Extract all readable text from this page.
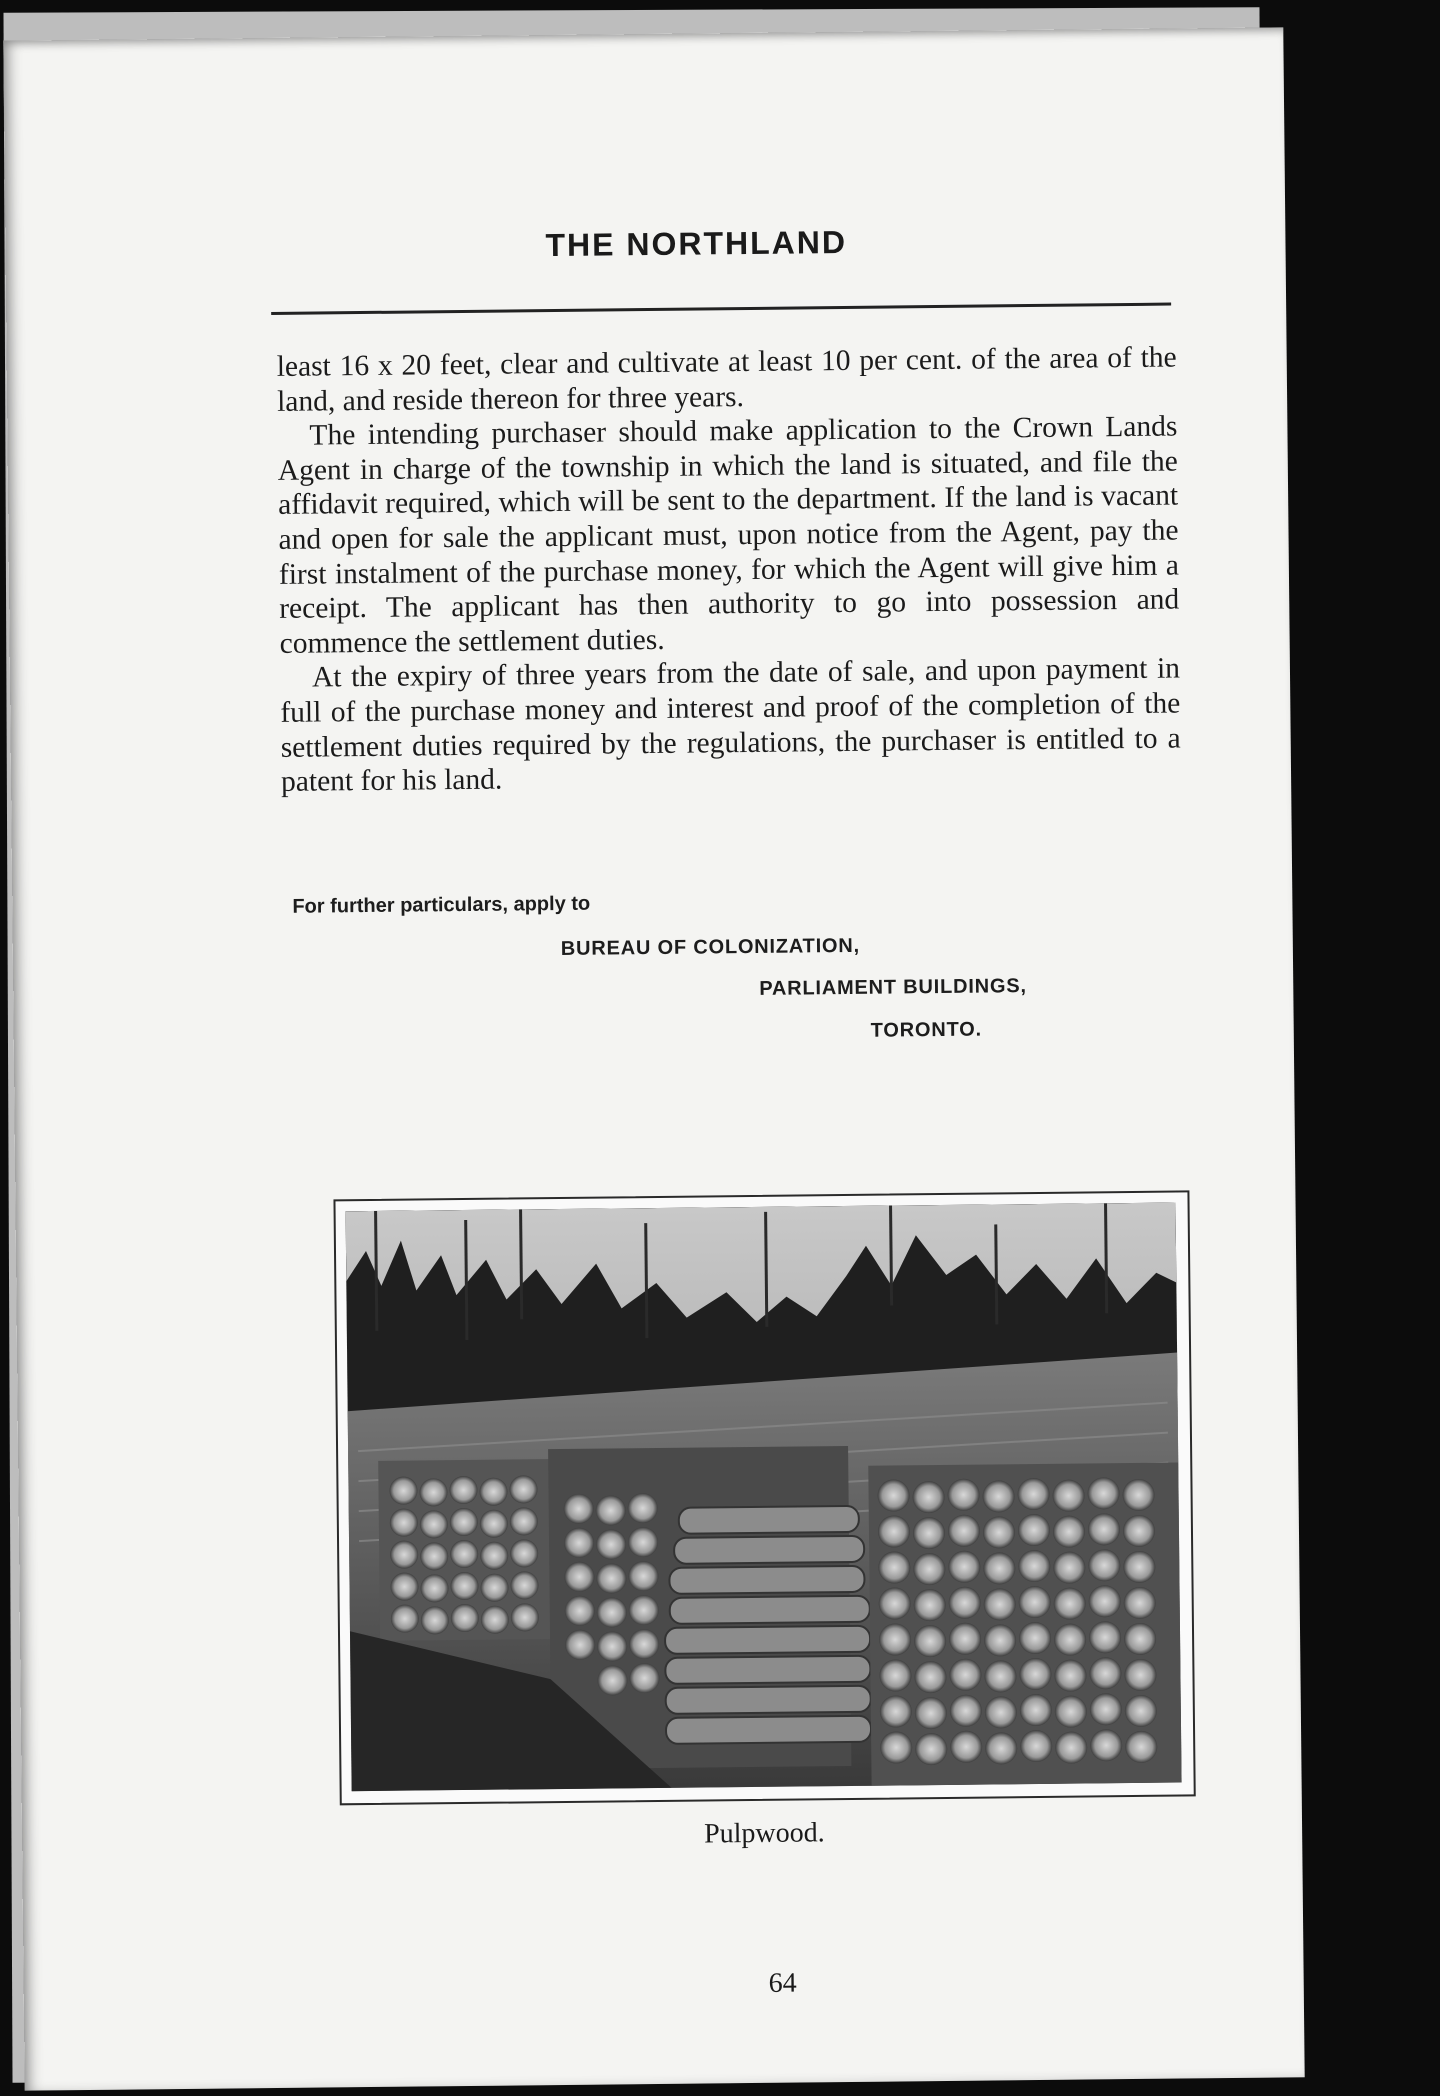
THE NORTHLAND

least 16 x 20 feet, clear and cultivate at least 10 per cent. of the area of the land, and reside thereon for three years.

The intending purchaser should make application to the Crown Lands Agent in charge of the township in which the land is situated, and file the affidavit required, which will be sent to the department. If the land is vacant and open for sale the applicant must, upon notice from the Agent, pay the first instalment of the purchase money, for which the Agent will give him a receipt. The applicant has then authority to go into possession and commence the settlement duties.

At the expiry of three years from the date of sale, and upon payment in full of the purchase money and interest and proof of the completion of the settlement duties required by the regulations, the purchaser is entitled to a patent for his land.

For further particulars, apply to
BUREAU OF COLONIZATION,
PARLIAMENT BUILDINGS,
TORONTO.
Pulpwood.
64
